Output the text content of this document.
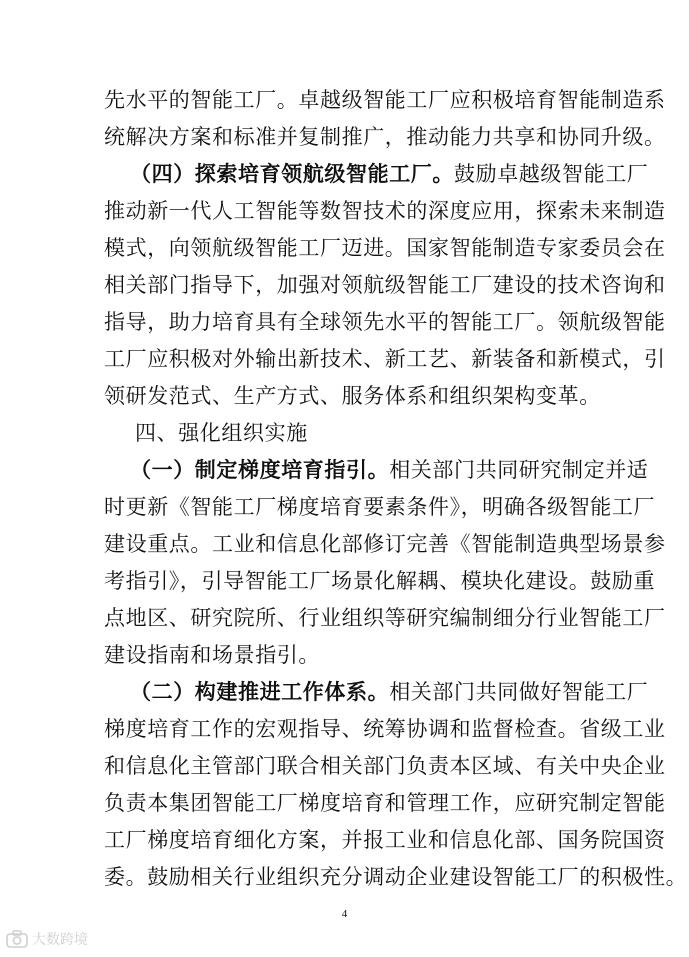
先水平的智能工厂。卓越级智能工厂应积极培育智能制造系
统解决方案和标准并复制推广，推动能力共享和协同升级。
（四）探索培育领航级智能工厂。鼓励卓越级智能工厂
推动新一代人工智能等数智技术的深度应用，探索未来制造
模式，向领航级智能工厂迈进。国家智能制造专家委员会在
相关部门指导下，加强对领航级智能工厂建设的技术咨询和
指导，助力培育具有全球领先水平的智能工厂。领航级智能
工厂应积极对外输出新技术、新工艺、新装备和新模式，引
领研发范式、生产方式、服务体系和组织架构变革。
四、强化组织实施
（一）制定梯度培育指引。相关部门共同研究制定并适
时更新《智能工厂梯度培育要素条件》，明确各级智能工厂
建设重点。工业和信息化部修订完善《智能制造典型场景参
考指引》，引导智能工厂场景化解耦、模块化建设。鼓励重
点地区、研究院所、行业组织等研究编制细分行业智能工厂
建设指南和场景指引。
（二）构建推进工作体系。相关部门共同做好智能工厂
梯度培育工作的宏观指导、统筹协调和监督检查。省级工业
和信息化主管部门联合相关部门负责本区域、有关中央企业
负责本集团智能工厂梯度培育和管理工作，应研究制定智能
工厂梯度培育细化方案，并报工业和信息化部、国务院国资
委。鼓励相关行业组织充分调动企业建设智能工厂的积极性。
4
大数跨境
